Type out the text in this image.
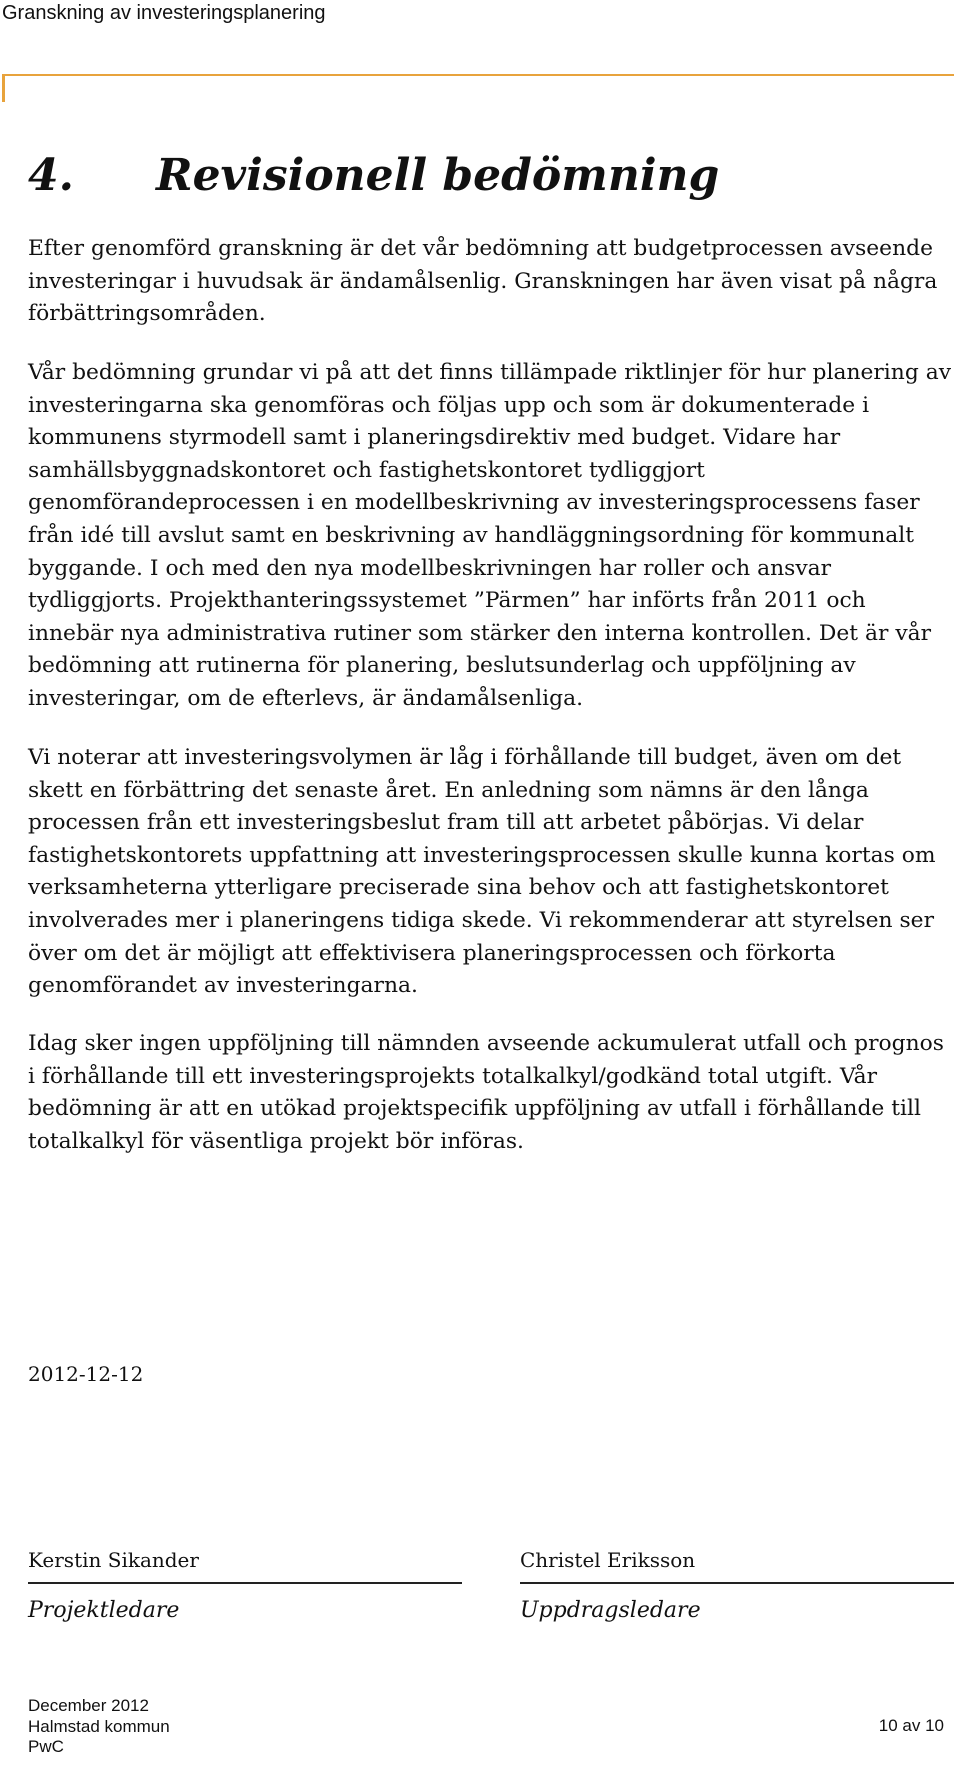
Granskning av investeringsplanering
4. Revisionell bedömning
Efter genomförd granskning är det vår bedömning att budgetprocessen avseende investeringar i huvudsak är ändamålsenlig. Granskningen har även visat på några förbättringsområden.
Vår bedömning grundar vi på att det finns tillämpade riktlinjer för hur planering av investeringarna ska genomföras och följas upp och som är dokumenterade i kommunens styrmodell samt i planeringsdirektiv med budget. Vidare har samhällsbyggnadskontoret och fastighetskontoret tydliggjort genomförandeprocessen i en modellbeskrivning av investeringsprocessens faser från idé till avslut samt en beskrivning av handläggningsordning för kommunalt byggande. I och med den nya modellbeskrivningen har roller och ansvar tydliggjorts. Projekthanteringssystemet ”Pärmen” har införts från 2011 och innebär nya administrativa rutiner som stärker den interna kontrollen. Det är vår bedömning att rutinerna för planering, beslutsunderlag och uppföljning av investeringar, om de efterlevs, är ändamålsenliga.
Vi noterar att investeringsvolymen är låg i förhållande till budget, även om det skett en förbättring det senaste året. En anledning som nämns är den långa processen från ett investeringsbeslut fram till att arbetet påbörjas. Vi delar fastighetskontorets uppfattning att investeringsprocessen skulle kunna kortas om verksamheterna ytterligare preciserade sina behov och att fastighetskontoret involverades mer i planeringens tidiga skede. Vi rekommenderar att styrelsen ser över om det är möjligt att effektivisera planeringsprocessen och förkorta genomförandet av investeringarna.
Idag sker ingen uppföljning till nämnden avseende ackumulerat utfall och prognos i förhållande till ett investeringsprojekts totalkalkyl/godkänd total utgift. Vår bedömning är att en utökad projektspecifik uppföljning av utfall i förhållande till totalkalkyl för väsentliga projekt bör införas.
2012-12-12
Kerstin Sikander
Projektledare
Christel Eriksson
Uppdragsledare
December 2012
Halmstad kommun
PwC
10 av 10
